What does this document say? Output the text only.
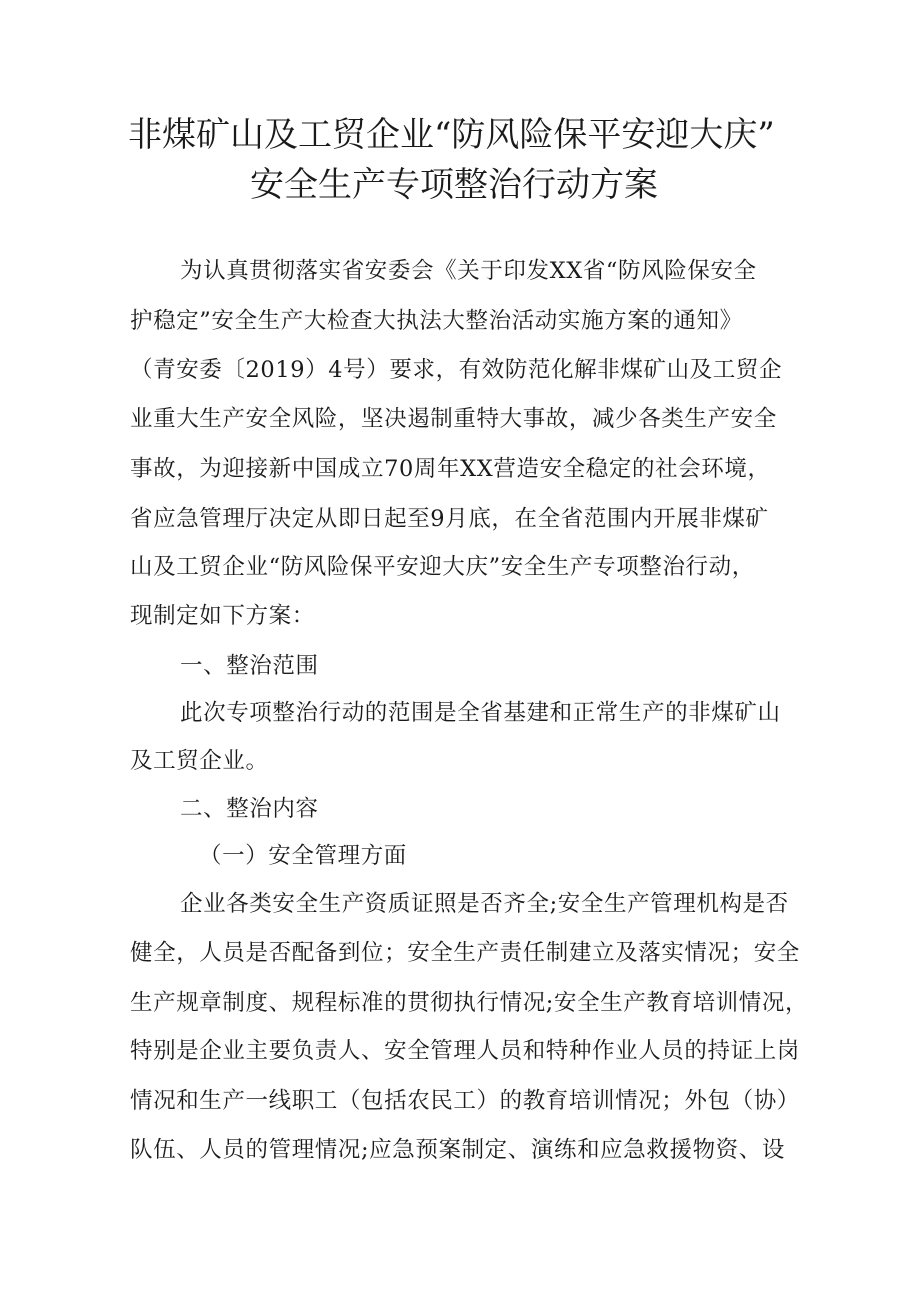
非煤矿山及工贸企业“防风险保平安迎大庆”
安全生产专项整治行动方案
为认真贯彻落实省安委会《关于印发XX省“防风险保安全
护稳定”安全生产大检查大执法大整治活动实施方案的通知》
（青安委〔2019）4号）要求，有效防范化解非煤矿山及工贸企
业重大生产安全风险，坚决遏制重特大事故，减少各类生产安全
事故，为迎接新中国成立70周年XX营造安全稳定的社会环境，
省应急管理厅决定从即日起至9月底，在全省范围内开展非煤矿
山及工贸企业“防风险保平安迎大庆”安全生产专项整治行动，
现制定如下方案：
一、整治范围
此次专项整治行动的范围是全省基建和正常生产的非煤矿山
及工贸企业。
二、整治内容
（一）安全管理方面
企业各类安全生产资质证照是否齐全;安全生产管理机构是否
健全，人员是否配备到位；安全生产责任制建立及落实情况；安全
生产规章制度、规程标准的贯彻执行情况;安全生产教育培训情况，
特别是企业主要负责人、安全管理人员和特种作业人员的持证上岗
情况和生产一线职工（包括农民工）的教育培训情况；外包（协）
队伍、人员的管理情况;应急预案制定、演练和应急救援物资、设
